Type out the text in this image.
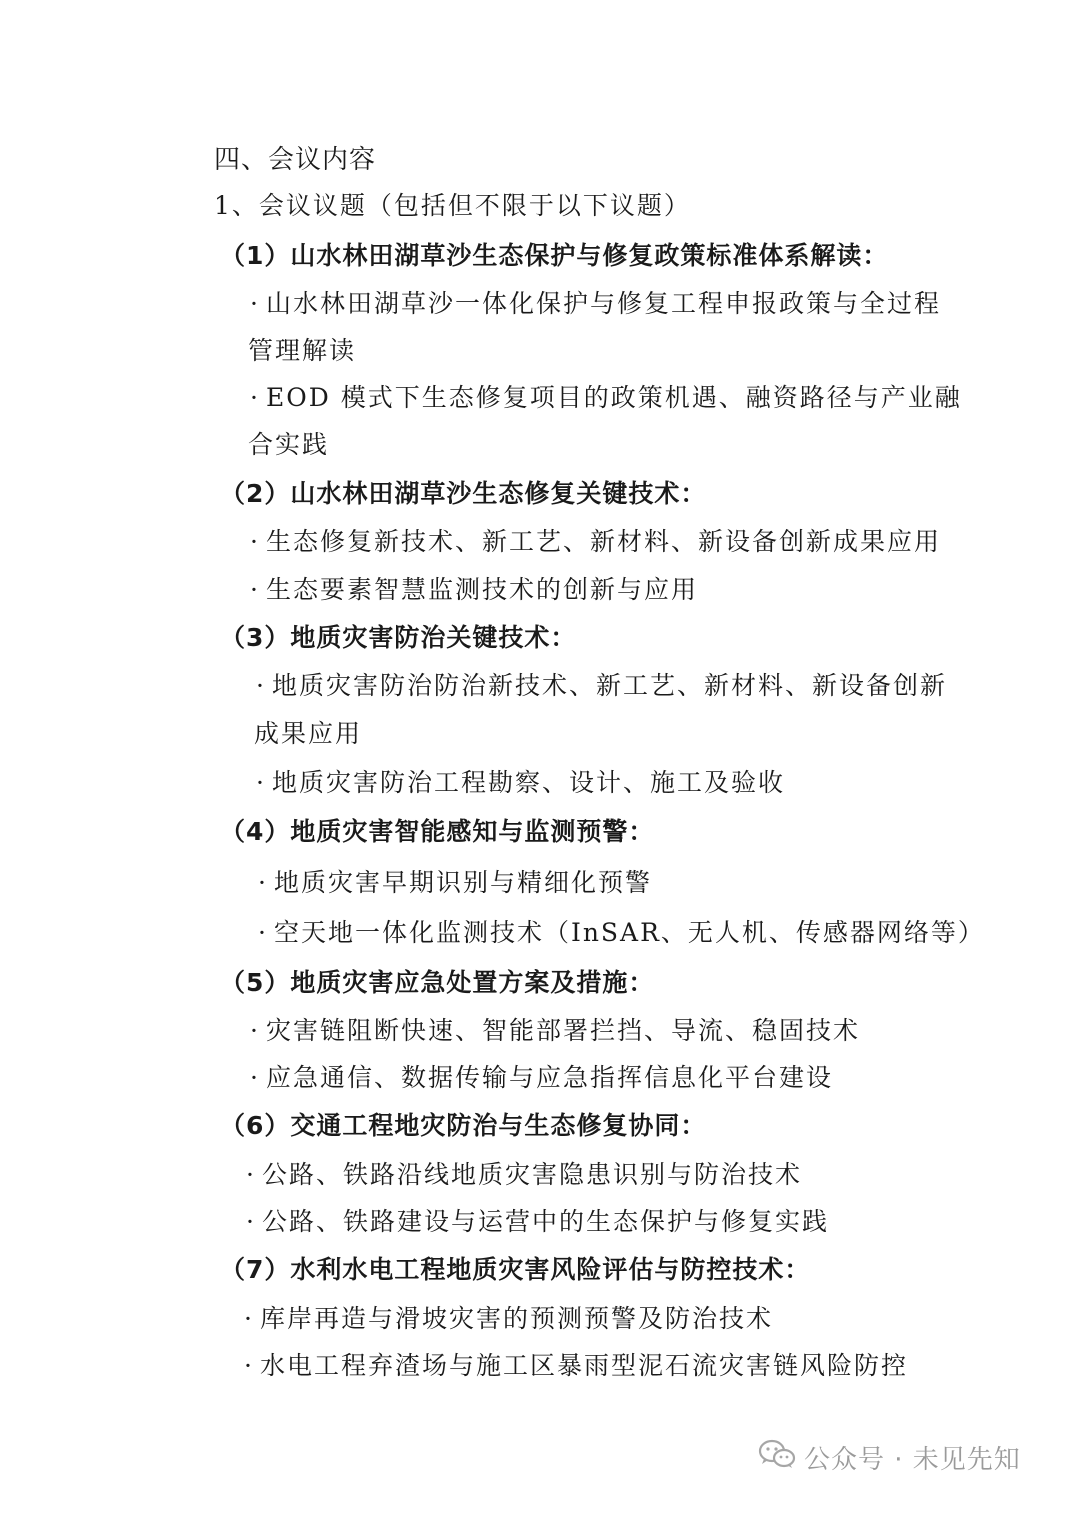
四、会议内容
1、会议议题（包括但不限于以下议题）
（1）山水林田湖草沙生态保护与修复政策标准体系解读：
· 山水林田湖草沙一体化保护与修复工程申报政策与全过程
管理解读
· EOD 模式下生态修复项目的政策机遇、融资路径与产业融
合实践
（2）山水林田湖草沙生态修复关键技术：
· 生态修复新技术、新工艺、新材料、新设备创新成果应用
· 生态要素智慧监测技术的创新与应用
（3）地质灾害防治关键技术：
· 地质灾害防治防治新技术、新工艺、新材料、新设备创新
成果应用
· 地质灾害防治工程勘察、设计、施工及验收
（4）地质灾害智能感知与监测预警：
· 地质灾害早期识别与精细化预警
· 空天地一体化监测技术（InSAR、无人机、传感器网络等）
（5）地质灾害应急处置方案及措施：
· 灾害链阻断快速、智能部署拦挡、导流、稳固技术
· 应急通信、数据传输与应急指挥信息化平台建设
（6）交通工程地灾防治与生态修复协同：
· 公路、铁路沿线地质灾害隐患识别与防治技术
· 公路、铁路建设与运营中的生态保护与修复实践
（7）水利水电工程地质灾害风险评估与防控技术：
· 库岸再造与滑坡灾害的预测预警及防治技术
· 水电工程弃渣场与施工区暴雨型泥石流灾害链风险防控
公众号 · 未见先知
